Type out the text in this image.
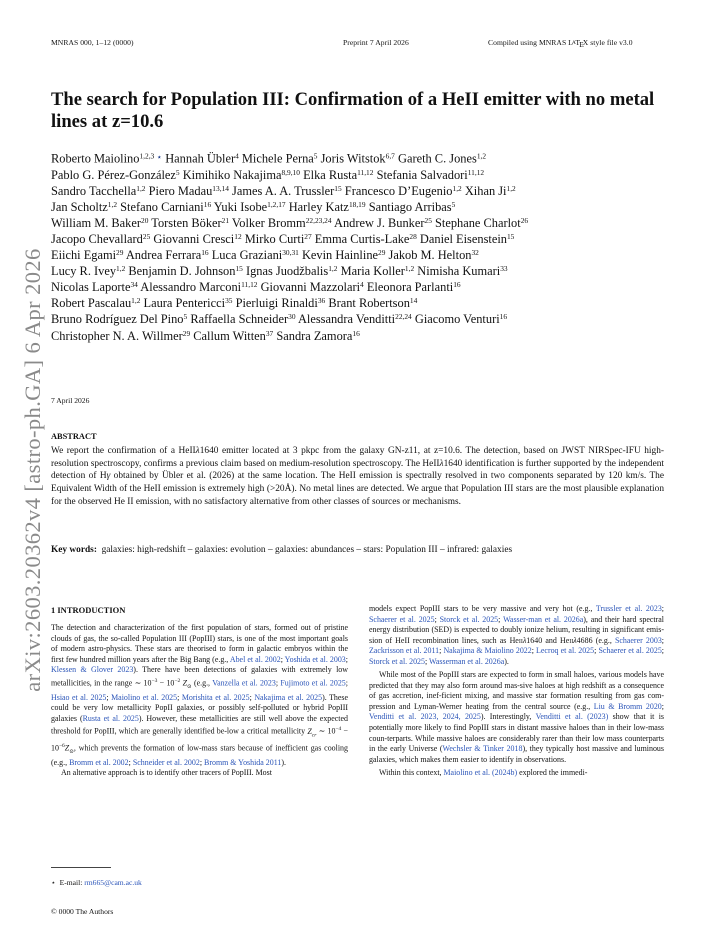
MNRAS 000, 1–12 (0000)	Preprint 7 April 2026	Compiled using MNRAS LATEX style file v3.0
arXiv:2603.20362v4 [astro-ph.GA] 6 Apr 2026
The search for Population III: Confirmation of a HeII emitter with no metal lines at z=10.6
Roberto Maiolino$^{1,2,3}$ ⋆ Hannah Übler$^4$ Michele Perna$^5$ Joris Witstok$^{6,7}$ Gareth C. Jones$^{1,2}$
Pablo G. Pérez-González$^5$ Kimihiko Nakajima$^{8,9,10}$ Elka Rusta$^{11,12}$ Stefania Salvadori$^{11,12}$
Sandro Tacchella$^{1,2}$ Piero Madau$^{13,14}$ James A. A. Trussler$^{15}$ Francesco D’Eugenio$^{1,2}$ Xihan Ji$^{1,2}$
Jan Scholtz$^{1,2}$ Stefano Carniani$^{16}$ Yuki Isobe$^{1,2,17}$ Harley Katz$^{18,19}$ Santiago Arribas$^5$
William M. Baker$^{20}$ Torsten Böker$^{21}$ Volker Bromm$^{22,23,24}$ Andrew J. Bunker$^{25}$ Stephane Charlot$^{26}$
Jacopo Chevallard$^{25}$ Giovanni Cresci$^{12}$ Mirko Curti$^{27}$ Emma Curtis-Lake$^{28}$ Daniel Eisenstein$^{15}$
Eiichi Egami$^{29}$ Andrea Ferrara$^{16}$ Luca Graziani$^{30,31}$ Kevin Hainline$^{29}$ Jakob M. Helton$^{32}$
Lucy R. Ivey$^{1,2}$ Benjamin D. Johnson$^{15}$ Ignas Juodžbalis$^{1,2}$ Maria Koller$^{1,2}$ Nimisha Kumari$^{33}$
Nicolas Laporte$^{34}$ Alessandro Marconi$^{11,12}$ Giovanni Mazzolari$^4$ Eleonora Parlanti$^{16}$
Robert Pascalau$^{1,2}$ Laura Pentericci$^{35}$ Pierluigi Rinaldi$^{36}$ Brant Robertson$^{14}$
Bruno Rodríguez Del Pino$^5$ Raffaella Schneider$^{30}$ Alessandra Venditti$^{22,24}$ Giacomo Venturi$^{16}$
Christopher N. A. Willmer$^{29}$ Callum Witten$^{37}$ Sandra Zamora$^{16}$
7 April 2026
ABSTRACT

We report the confirmation of a HeIIλ1640 emitter located at 3 pkpc from the galaxy GN-z11, at z=10.6. The detection, based on JWST NIRSpec-IFU high-resolution spectroscopy, confirms a previous claim based on medium-resolution spectroscopy. The HeIIλ1640 identification is further supported by the independent detection of Hγ obtained by Übler et al. (2026) at the same location. The HeII emission is spectrally resolved in two components separated by 120 km/s. The Equivalent Width of the HeII emission is extremely high (>20Å). No metal lines are detected. We argue that Population III stars are the most plausible explanation for the observed He II emission, with no satisfactory alternative from other classes of sources or mechanisms.

Key words: galaxies: high-redshift – galaxies: evolution – galaxies: abundances – stars: Population III – infrared: galaxies

1 INTRODUCTION

The detection and characterization of the first population of stars, formed out of pristine clouds of gas, the so-called Population III (PopIII) stars, is one of the most important goals of modern astro-physics. These stars are theorised to form in galactic embryos within the first few hundred million years after the Big Bang (e.g., Abel et al. 2002; Yoshida et al. 2003; Klessen & Glover 2023). There have been detections of galaxies with extremely low metallicities, in the range ∼ $10^{-3} - 10^{-2}$ $Z_⊙$ (e.g., Vanzella et al. 2023; Fujimoto et al. 2025; Hsiao et al. 2025; Maiolino et al. 2025; Morishita et al. 2025; Nakajima et al. 2025). These could be very low metallicity PopII galaxies, or possibly self-polluted or hybrid PopIII galaxies (Rusta et al. 2025). However, these metallicities are still well above the expected threshold for PopIII, which are generally identified be-low a critical metallicity $Z_{cr}$ ∼ $10^{-4} - 10^{-6}Z_⊙$, which prevents the formation of low-mass stars because of inefficient gas cooling (e.g., Bromm et al. 2002; Schneider et al. 2002; Bromm & Yoshida 2011).

An alternative approach is to identify other tracers of PopIII. Most

models expect PopIII stars to be very massive and very hot (e.g., Trussler et al. 2023; Schaerer et al. 2025; Storck et al. 2025; Wasser-man et al. 2026a), and their hard spectral energy distribution (SED) is expected to doubly ionize helium, resulting in significant emis-sion of HeII recombination lines, such as Heiiλ1640 and Heiiλ4686 (e.g., Schaerer 2003; Zackrisson et al. 2011; Nakajima & Maiolino 2022; Lecroq et al. 2025; Schaerer et al. 2025; Storck et al. 2025; Wasserman et al. 2026a).

While most of the PopIII stars are expected to form in small haloes, various models have predicted that they may also form around mas-sive haloes at high redshift as a consequence of gas accretion, inef-ficient mixing, and massive star formation resulting from gas com-pression and Lyman-Werner heating from the central source (e.g., Liu & Bromm 2020; Venditti et al. 2023, 2024, 2025). Interestingly, Venditti et al. (2023) show that it is potentially more likely to find PopIII stars in distant massive haloes than in their low-mass coun-terparts. While massive haloes are considerably rarer than their low mass counterparts in the early Universe (Wechsler & Tinker 2018), they typically host massive and luminous galaxies, which makes them easier to identify in observations.

Within this context, Maiolino et al. (2024b) explored the immedi-

⋆ E-mail: rm665@cam.ac.uk
© 0000 The Authors
